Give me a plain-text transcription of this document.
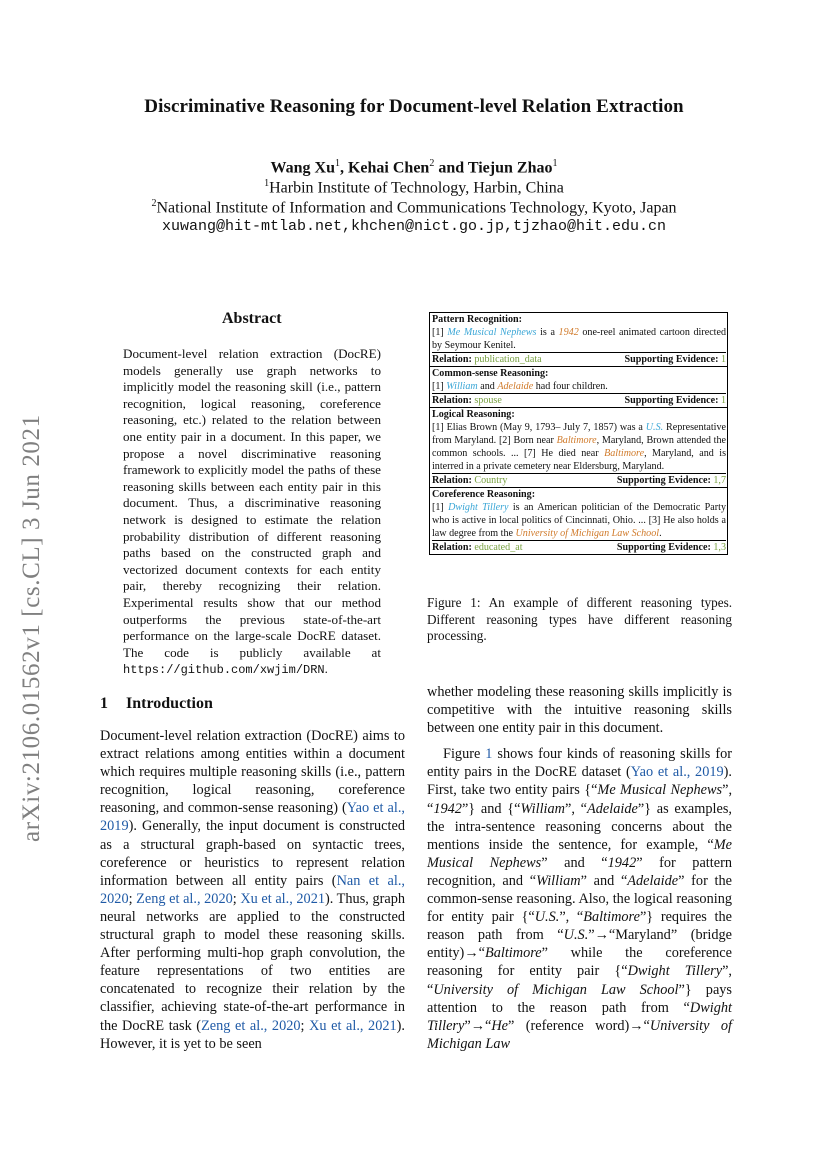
Discriminative Reasoning for Document-level Relation Extraction
Wang Xu$^1$, Kehai Chen$^2$ and Tiejun Zhao$^1$
$^1$Harbin Institute of Technology, Harbin, China
$^2$National Institute of Information and Communications Technology, Kyoto, Japan
xuwang@hit-mtlab.net,khchen@nict.go.jp,tjzhao@hit.edu.cn
arXiv:2106.01562v1 [cs.CL] 3 Jun 2021
Abstract
Document-level relation extraction (DocRE) models generally use graph networks to implicitly model the reasoning skill (i.e., pattern recognition, logical reasoning, coreference reasoning, etc.) related to the relation between one entity pair in a document. In this paper, we propose a novel discriminative reasoning framework to explicitly model the paths of these reasoning skills between each entity pair in this document. Thus, a discriminative reasoning network is designed to estimate the relation probability distribution of different reasoning paths based on the constructed graph and vectorized document contexts for each entity pair, thereby recognizing their relation. Experimental results show that our method outperforms the previous state-of-the-art performance on the large-scale DocRE dataset. The code is publicly available at https://github.com/xwjim/DRN.
1 Introduction
Document-level relation extraction (DocRE) aims to extract relations among entities within a document which requires multiple reasoning skills (i.e., pattern recognition, logical reasoning, coreference reasoning, and common-sense reasoning) (Yao et al., 2019). Generally, the input document is constructed as a structural graph-based on syntactic trees, coreference or heuristics to represent relation information between all entity pairs (Nan et al., 2020; Zeng et al., 2020; Xu et al., 2021). Thus, graph neural networks are applied to the constructed structural graph to model these reasoning skills. After performing multi-hop graph convolution, the feature representations of two entities are concatenated to recognize their relation by the classifier, achieving state-of-the-art performance in the DocRE task (Zeng et al., 2020; Xu et al., 2021). However, it is yet to be seen
Pattern Recognition:
[1] Me Musical Nephews is a 1942 one-reel animated cartoon directed by Seymour Kenitel.
Relation: publication_data	Supporting Evidence: 1
Common-sense Reasoning:
[1] William and Adelaide had four children.
Relation: spouse	Supporting Evidence: 1
Logical Reasoning:
[1] Elias Brown (May 9, 1793– July 7, 1857) was a U.S. Representative from Maryland. [2] Born near Baltimore, Maryland, Brown attended the common schools. ... [7] He died near Baltimore, Maryland, and is interred in a private cemetery near Eldersburg, Maryland.
Relation: Country	Supporting Evidence: 1,7
Coreference Reasoning:
[1] Dwight Tillery is an American politician of the Democratic Party who is active in local politics of Cincinnati, Ohio. ... [3] He also holds a law degree from the University of Michigan Law School.
Relation: educated_at	Supporting Evidence: 1,3
Figure 1: An example of different reasoning types. Different reasoning types have different reasoning processing.
whether modeling these reasoning skills implicitly is competitive with the intuitive reasoning skills between one entity pair in this document.
Figure 1 shows four kinds of reasoning skills for entity pairs in the DocRE dataset (Yao et al., 2019). First, take two entity pairs {“Me Musical Nephews”, “1942”} and {“William”, “Adelaide”} as examples, the intra-sentence reasoning concerns about the mentions inside the sentence, for example, “Me Musical Nephews” and “1942” for pattern recognition, and “William” and “Adelaide” for the common-sense reasoning. Also, the logical reasoning for entity pair {“U.S.”, “Baltimore”} requires the reason path from “U.S.”→“Maryland” (bridge entity)→“Baltimore” while the coreference reasoning for entity pair {“Dwight Tillery”, “University of Michigan Law School”} pays attention to the reason path from “Dwight Tillery”→“He” (reference word)→“University of Michigan Law
